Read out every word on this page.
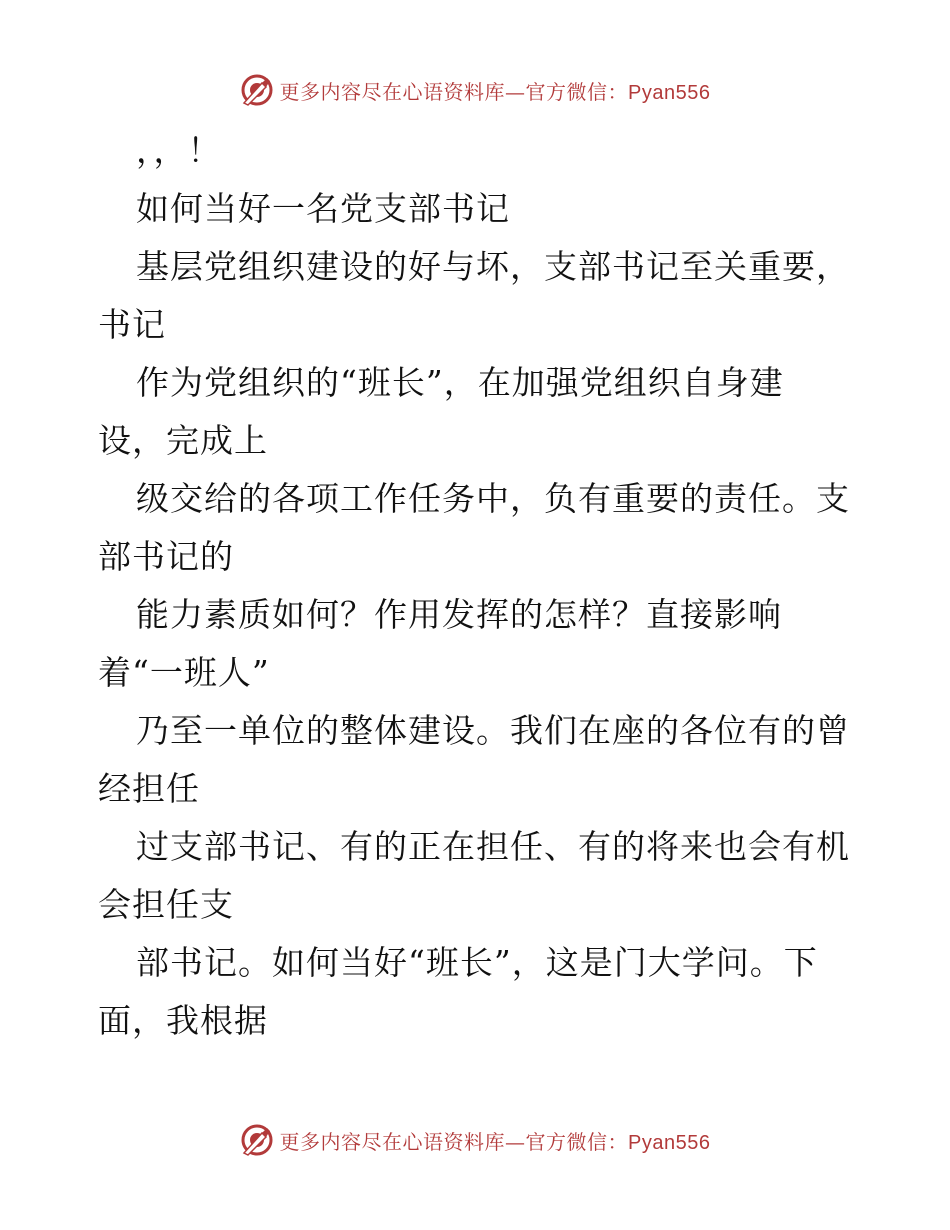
更多内容尽在心语资料库—官方微信：Pyan556
，，！
如何当好一名党支部书记
基层党组织建设的好与坏，支部书记至关重要，
书记
作为党组织的“班长”，在加强党组织自身建
设，完成上
级交给的各项工作任务中，负有重要的责任。支
部书记的
能力素质如何？作用发挥的怎样？直接影响
着“一班人”
乃至一单位的整体建设。我们在座的各位有的曾
经担任
过支部书记、有的正在担任、有的将来也会有机
会担任支
部书记。如何当好“班长”，这是门大学问。下
面，我根据
更多内容尽在心语资料库—官方微信：Pyan556
